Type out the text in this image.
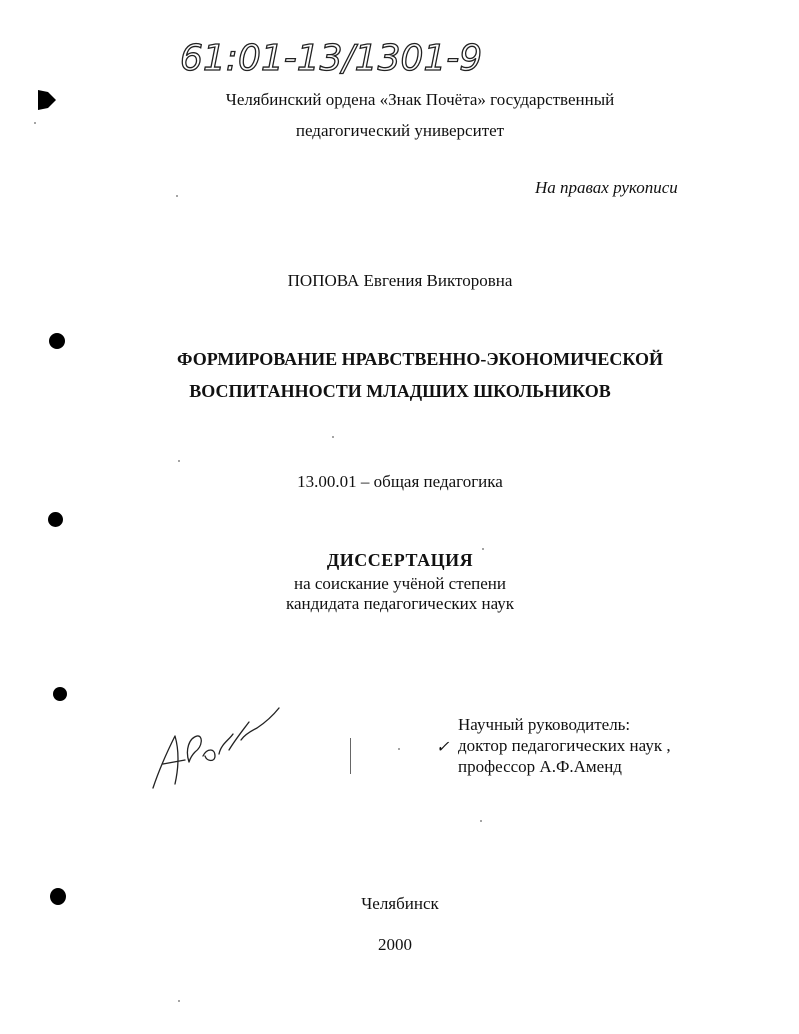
61:01-13/1301-9
Челябинский ордена «Знак Почёта» государственный
педагогический университет
На правах рукописи
ПОПОВА Евгения Викторовна
ФОРМИРОВАНИЕ НРАВСТВЕННО-ЭКОНОМИЧЕСКОЙ
ВОСПИТАННОСТИ МЛАДШИХ ШКОЛЬНИКОВ
13.00.01 – общая педагогика
ДИССЕРТАЦИЯ
на соискание учёной степени
кандидата педагогических наук
Научный руководитель:
✓ доктор педагогических наук ,
профессор А.Ф.Аменд
Челябинск
2000
